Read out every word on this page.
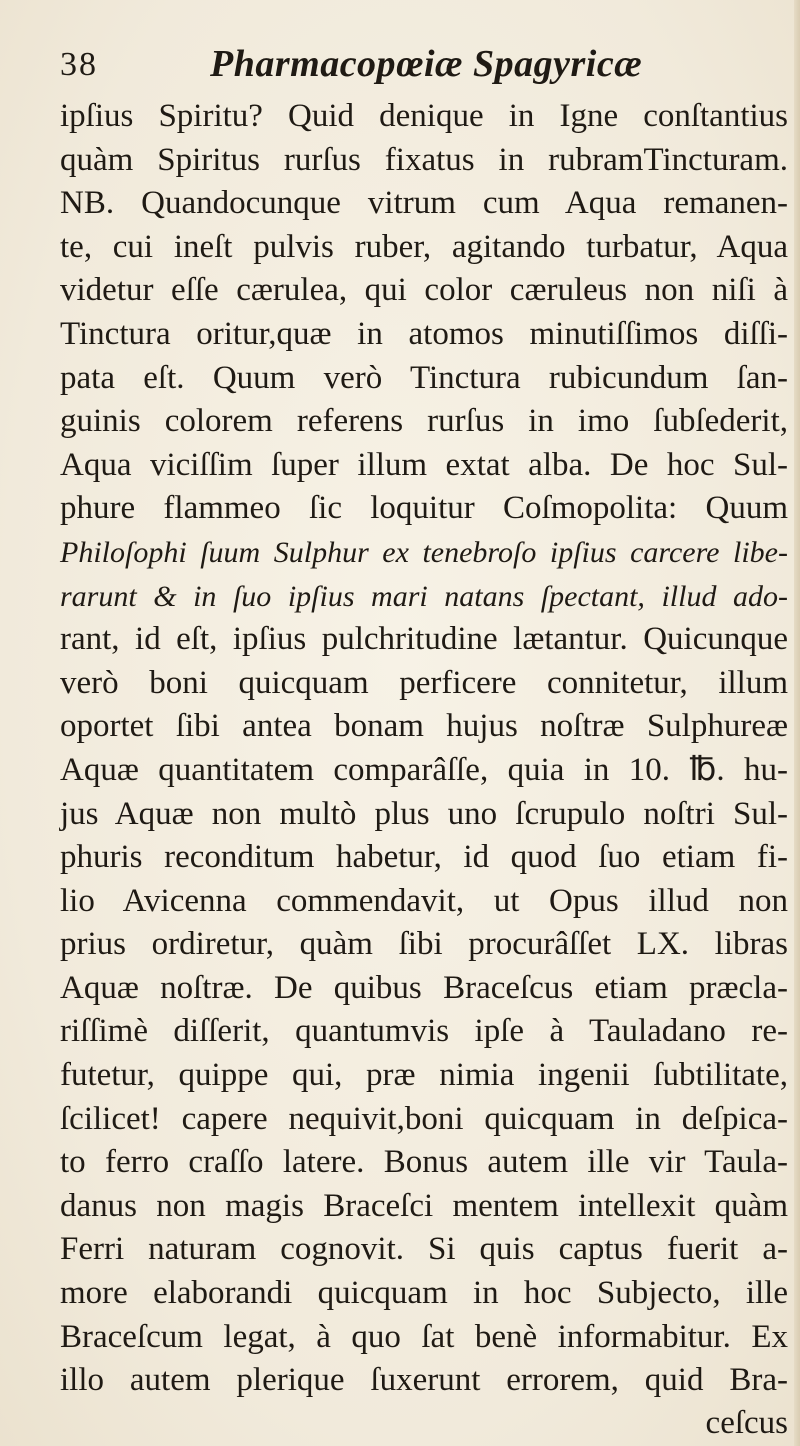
38	Pharmacopœiæ Spagyricæ
ipſius Spiritu? Quid denique in Igne conſtantius
quàm Spiritus rurſus fixatus in rubramTincturam.
NB. Quandocunque vitrum cum Aqua remanen-
te, cui ineſt pulvis ruber, agitando turbatur, Aqua
videtur eſſe cærulea, qui color cæruleus non niſi à
Tinctura oritur,quæ in atomos minutiſſimos diſſi-
pata eſt. Quum verò Tinctura rubicundum ſan-
guinis colorem referens rurſus in imo ſubſederit,
Aqua viciſſim ſuper illum extat alba. De hoc Sul-
phure flammeo ſic loquitur Coſmopolita: Quum
Philoſophi ſuum Sulphur ex tenebroſo ipſius carcere libe-
rarunt & in ſuo ipſius mari natans ſpectant, illud ado-
rant, id eſt, ipſius pulchritudine lætantur. Quicunque
verò boni quicquam perficere connitetur, illum
oportet ſibi antea bonam hujus noſtræ Sulphureæ
Aquæ quantitatem comparâſſe, quia in 10. ℔. hu-
jus Aquæ non multò plus uno ſcrupulo noſtri Sul-
phuris reconditum habetur, id quod ſuo etiam fi-
lio Avicenna commendavit, ut Opus illud non
prius ordiretur, quàm ſibi procurâſſet LX. libras
Aquæ noſtræ. De quibus Braceſcus etiam præcla-
riſſimè diſſerit, quantumvis ipſe à Tauladano re-
futetur, quippe qui, præ nimia ingenii ſubtilitate,
ſcilicet! capere nequivit,boni quicquam in deſpica-
to ferro craſſo latere. Bonus autem ille vir Taula-
danus non magis Braceſci mentem intellexit quàm
Ferri naturam cognovit. Si quis captus fuerit a-
more elaborandi quicquam in hoc Subjecto, ille
Braceſcum legat, à quo ſat benè informabitur. Ex
illo autem plerique ſuxerunt errorem, quid Bra-
ceſcus
